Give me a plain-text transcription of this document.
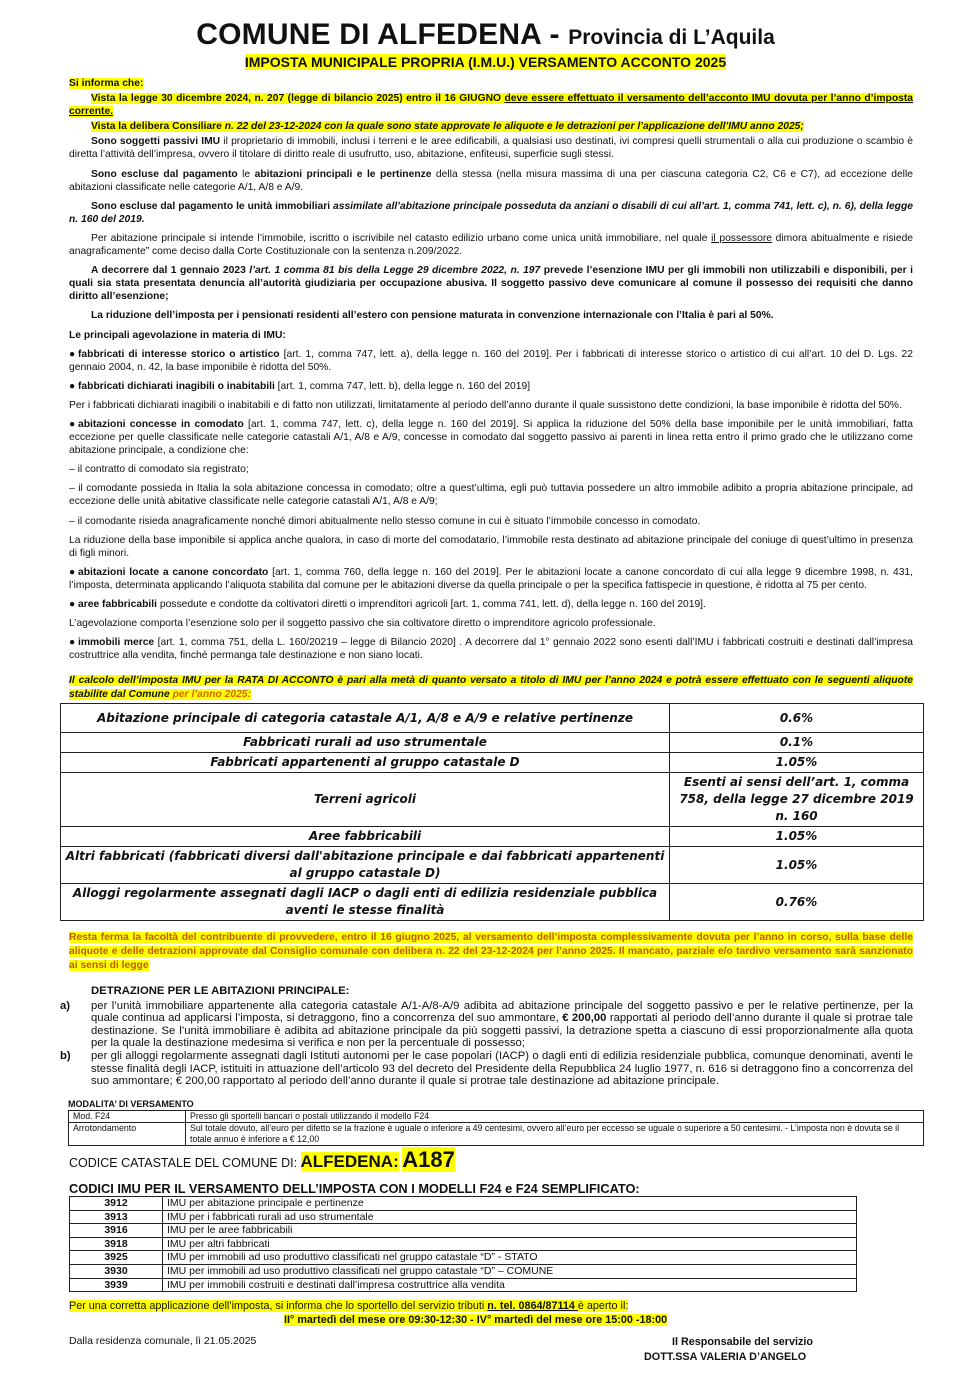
COMUNE DI ALFEDENA - Provincia di L’Aquila
IMPOSTA MUNICIPALE PROPRIA (I.M.U.) VERSAMENTO ACCONTO 2025

Si informa che:

Vista la legge 30 dicembre 2024, n. 207 (legge di bilancio 2025) entro il 16 GIUGNO deve essere effettuato il versamento dell’acconto IMU dovuta per l’anno d’imposta corrente.

Vista la delibera Consiliare n. 22 del 23-12-2024 con la quale sono state approvate le aliquote e le detrazioni per l’applicazione dell’IMU anno 2025;

Sono soggetti passivi IMU il proprietario di immobili, inclusi i terreni e le aree edificabili, a qualsiasi uso destinati, ivi compresi quelli strumentali o alla cui produzione o scambio è diretta l’attività dell’impresa, ovvero il titolare di diritto reale di usufrutto, uso, abitazione, enfiteusi, superficie sugli stessi.

Sono escluse dal pagamento le abitazioni principali e le pertinenze della stessa (nella misura massima di una per ciascuna categoria C2, C6 e C7), ad eccezione delle abitazioni classificate nelle categorie A/1, A/8 e A/9.

Sono escluse dal pagamento le unità immobiliari assimilate all’abitazione principale posseduta da anziani o disabili di cui all’art. 1, comma 741, lett. c), n. 6), della legge n. 160 del 2019.

Per abitazione principale si intende l’immobile, iscritto o iscrivibile nel catasto edilizio urbano come unica unità immobiliare, nel quale il possessore dimora abitualmente e risiede anagraficamente” come deciso dalla Corte Costituzionale con la sentenza n.209/2022.

A decorrere dal 1 gennaio 2023 l’art. 1 comma 81 bis della Legge 29 dicembre 2022, n. 197 prevede l’esenzione IMU per gli immobili non utilizzabili e disponibili, per i quali sia stata presentata denuncia all’autorità giudiziaria per occupazione abusiva. Il soggetto passivo deve comunicare al comune il possesso dei requisiti che danno diritto all’esenzione;

La riduzione dell’imposta per i pensionati residenti all’estero con pensione maturata in convenzione internazionale con l’Italia è pari al 50%.

Le principali agevolazione in materia di IMU:

● fabbricati di interesse storico o artistico [art. 1, comma 747, lett. a), della legge n. 160 del 2019]. Per i fabbricati di interesse storico o artistico di cui all’art. 10 del D. Lgs. 22 gennaio 2004, n. 42, la base imponibile è ridotta del 50%.

● fabbricati dichiarati inagibili o inabitabili [art. 1, comma 747, lett. b), della legge n. 160 del 2019]

Per i fabbricati dichiarati inagibili o inabitabili e di fatto non utilizzati, limitatamente al periodo dell’anno durante il quale sussistono dette condizioni, la base imponibile è ridotta del 50%.

● abitazioni concesse in comodato [art. 1, comma 747, lett. c), della legge n. 160 del 2019]. Si applica la riduzione del 50% della base imponibile per le unità immobiliari, fatta eccezione per quelle classificate nelle categorie catastali A/1, A/8 e A/9, concesse in comodato dal soggetto passivo ai parenti in linea retta entro il primo grado che le utilizzano come abitazione principale, a condizione che:

– il contratto di comodato sia registrato;

– il comodante possieda in Italia la sola abitazione concessa in comodato; oltre a quest’ultima, egli può tuttavia possedere un altro immobile adibito a propria abitazione principale, ad eccezione delle unità abitative classificate nelle categorie catastali A/1, A/8 e A/9;

– il comodante risieda anagraficamente nonché dimori abitualmente nello stesso comune in cui è situato l’immobile concesso in comodato.

La riduzione della base imponibile si applica anche qualora, in caso di morte del comodatario, l’immobile resta destinato ad abitazione principale del coniuge di quest’ultimo in presenza di figli minori.

● abitazioni locate a canone concordato [art. 1, comma 760, della legge n. 160 del 2019]. Per le abitazioni locate a canone concordato di cui alla legge 9 dicembre 1998, n. 431, l’imposta, determinata applicando l’aliquota stabilita dal comune per le abitazioni diverse da quella principale o per la specifica fattispecie in questione, è ridotta al 75 per cento.

● aree fabbricabili possedute e condotte da coltivatori diretti o imprenditori agricoli [art. 1, comma 741, lett. d), della legge n. 160 del 2019].

L’agevolazione comporta l’esenzione solo per il soggetto passivo che sia coltivatore diretto o imprenditore agricolo professionale.

● immobili merce [art. 1, comma 751, della L. 160/20219 – legge di Bilancio 2020] . A decorrere dal 1° gennaio 2022 sono esenti dall’IMU i fabbricati costruiti e destinati dall’impresa costruttrice alla vendita, finché permanga tale destinazione e non siano locati.

Il calcolo dell’imposta IMU per la RATA DI ACCONTO è pari alla metà di quanto versato a titolo di IMU per l’anno 2024 e potrà essere effettuato con le seguenti aliquote stabilite dal Comune per l’anno 2025:
Abitazione principale di categoria catastale A/1, A/8 e A/9 e relative pertinenze	0.6%
Fabbricati rurali ad uso strumentale	0.1%
Fabbricati appartenenti al gruppo catastale D	1.05%
Terreni agricoli	Esenti ai sensi dell’art. 1, comma 758, della legge 27 dicembre 2019 n. 160
Aree fabbricabili	1.05%
Altri fabbricati (fabbricati diversi dall'abitazione principale e dai fabbricati appartenenti al gruppo catastale D)	1.05%
Alloggi regolarmente assegnati dagli IACP o dagli enti di edilizia residenziale pubblica aventi le stesse finalità	0.76%
Resta ferma la facoltà del contribuente di provvedere, entro il 16 giugno 2025, al versamento dell’imposta complessivamente dovuta per l’anno in corso, sulla base delle aliquote e delle detrazioni approvate dal Consiglio comunale con delibera n. 22 del 23-12-2024 per l’anno 2025. Il mancato, parziale e/o tardivo versamento sarà sanzionato ai sensi di legge
DETRAZIONE PER LE ABITAZIONI PRINCIPALE:
a)	per l’unità immobiliare appartenente alla categoria catastale A/1-A/8-A/9 adibita ad abitazione principale del soggetto passivo e per le relative pertinenze, per la quale continua ad applicarsi l’imposta, si detraggono, fino a concorrenza del suo ammontare, € 200,00 rapportati al periodo dell’anno durante il quale si protrae tale destinazione. Se l’unità immobiliare è adibita ad abitazione principale da più soggetti passivi, la detrazione spetta a ciascuno di essi proporzionalmente alla quota per la quale la destinazione medesima si verifica e non per la percentuale di possesso;
b)	per gli alloggi regolarmente assegnati dagli Istituti autonomi per le case popolari (IACP) o dagli enti di edilizia residenziale pubblica, comunque denominati, aventi le stesse finalità degli IACP, istituiti in attuazione dell’articolo 93 del decreto del Presidente della Repubblica 24 luglio 1977, n. 616 si detraggono fino a concorrenza del suo ammontare; € 200,00 rapportato al periodo dell’anno durante il quale si protrae tale destinazione ad abitazione principale.
MODALITA’ DI VERSAMENTO
Mod. F24	Presso gli sportelli bancari o postali utilizzando il modello F24
Arrotondamento	Sul totale dovuto, all’euro per difetto se la frazione è uguale o inferiore a 49 centesimi, ovvero all’euro per eccesso se uguale o superiore a 50 centesimi. - L’imposta non è dovuta se il totale annuo è inferiore a € 12,00
CODICE CATASTALE DEL COMUNE DI: ALFEDENA: A187
CODICI IMU PER IL VERSAMENTO DELL’IMPOSTA CON I MODELLI F24 e F24 SEMPLIFICATO:
3912	IMU per abitazione principale e pertinenze
3913	IMU per i fabbricati rurali ad uso strumentale
3916	IMU per le aree fabbricabili
3918	IMU per altri fabbricati
3925	IMU per immobili ad uso produttivo classificati nel gruppo catastale “D” - STATO
3930	IMU per immobili ad uso produttivo classificati nel gruppo catastale “D” – COMUNE
3939	IMU per immobili costruiti e destinati dall’impresa costruttrice alla vendita
Per una corretta applicazione dell’imposta, si informa che lo sportello del servizio tributi n. tel. 0864/87114 è aperto il:
II° martedì del mese ore 09:30-12:30 - IV° martedì del mese ore 15:00 -18:00
Dalla residenza comunale, lì 21.05.2025	Il Responsabile del servizio
DOTT.SSA VALERIA D’ANGELO
